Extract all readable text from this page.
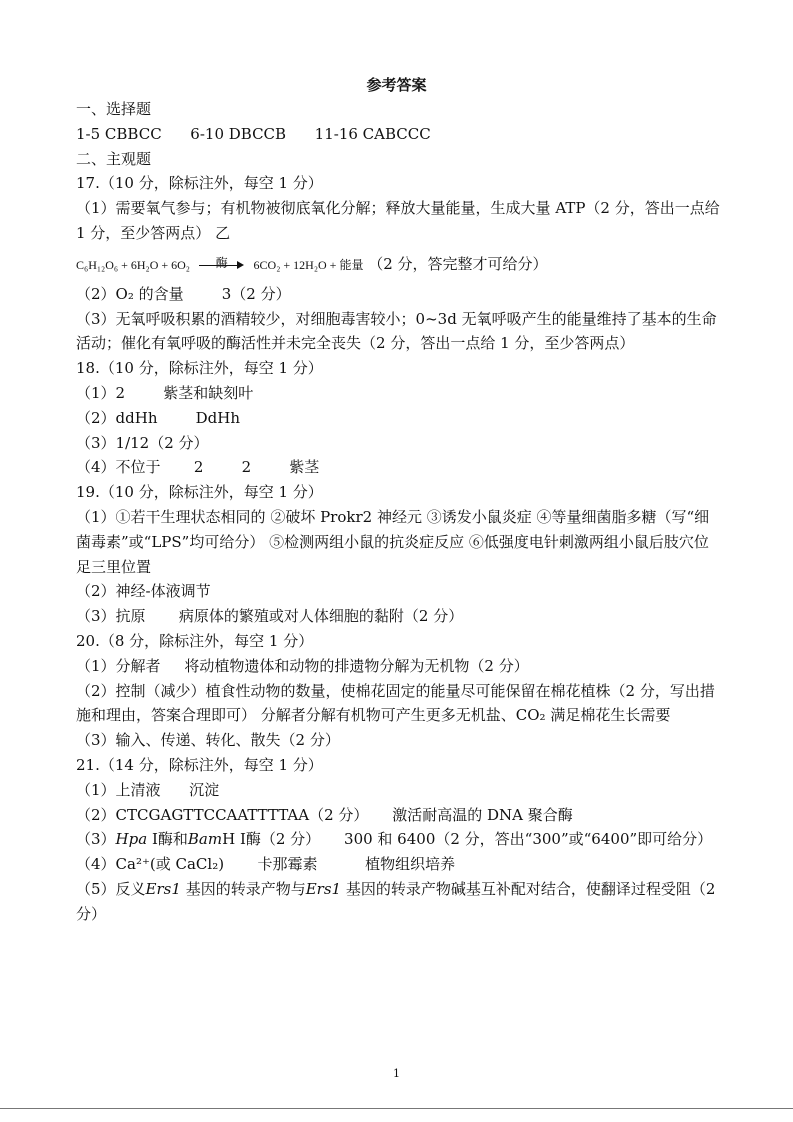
参考答案
一、选择题
1-5 CBBCC      6-10 DBCCB      11-16 CABCCC
二、主观题
17.（10 分，除标注外，每空 1 分）
（1）需要氧气参与；有机物被彻底氧化分解；释放大量能量，生成大量 ATP（2 分，答出一点给 1 分，至少答两点） 乙
C₆H₁₂O₆ + 6H₂O + 6O₂	酶	6CO₂ + 12H₂O + 能量 （2 分，答完整才可给分）
（2）O₂ 的含量        3（2 分）
（3）无氧呼吸积累的酒精较少，对细胞毒害较小；0~3d 无氧呼吸产生的能量维持了基本的生命活动；催化有氧呼吸的酶活性并未完全丧失（2 分，答出一点给 1 分，至少答两点）
18.（10 分，除标注外，每空 1 分）
（1）2        紫茎和缺刻叶
（2）ddHh        DdHh
（3）1/12（2 分）
（4）不位于       2        2        紫茎
19.（10 分，除标注外，每空 1 分）
（1）①若干生理状态相同的 ②破坏 Prokr2 神经元 ③诱发小鼠炎症 ④等量细菌脂多糖（写“细菌毒素”或“LPS”均可给分） ⑤检测两组小鼠的抗炎症反应 ⑥低强度电针刺激两组小鼠后肢穴位足三里位置
（2）神经-体液调节
（3）抗原       病原体的繁殖或对人体细胞的黏附（2 分）
20.（8 分，除标注外，每空 1 分）
（1）分解者     将动植物遗体和动物的排遗物分解为无机物（2 分）
（2）控制（减少）植食性动物的数量，使棉花固定的能量尽可能保留在棉花植株（2 分，写出措施和理由，答案合理即可） 分解者分解有机物可产生更多无机盐、CO₂ 满足棉花生长需要
（3）输入、传递、转化、散失（2 分）
21.（14 分，除标注外，每空 1 分）
（1）上清液      沉淀
（2）CTCGAGTTCCAATTTTAA（2 分）     激活耐高温的 DNA 聚合酶
（3）Hpa Ⅰ酶和BamH Ⅰ酶（2 分）     300 和 6400（2 分，答出“300”或“6400”即可给分）
（4）Ca²⁺(或 CaCl₂)       卡那霉素          植物组织培养
（5）反义Ers1 基因的转录产物与Ers1 基因的转录产物碱基互补配对结合，使翻译过程受阻（2 分）
1
